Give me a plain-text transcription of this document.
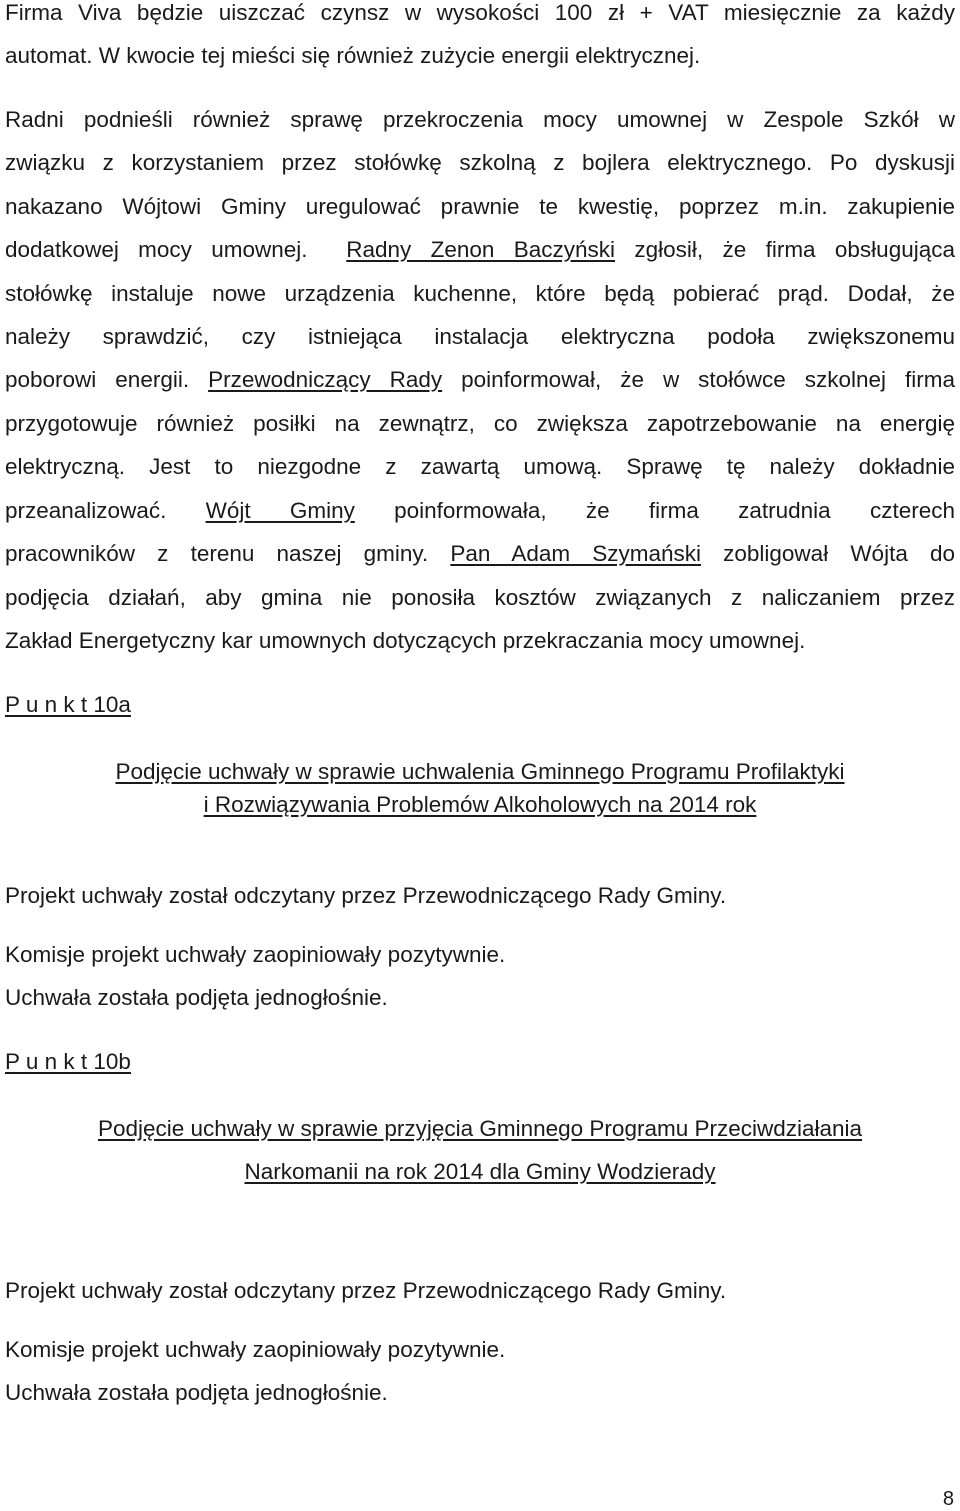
Firma Viva będzie uiszczać czynsz w wysokości 100 zł + VAT miesięcznie za każdy
automat. W kwocie tej mieści się również zużycie energii elektrycznej.
Radni podnieśli również sprawę przekroczenia mocy umownej w Zespole Szkół w
związku z korzystaniem przez stołówkę szkolną z bojlera elektrycznego. Po dyskusji
nakazano Wójtowi Gminy uregulować prawnie te kwestię, poprzez m.in. zakupienie
dodatkowej mocy umownej. Radny Zenon Baczyński zgłosił, że firma obsługująca
stołówkę instaluje nowe urządzenia kuchenne, które będą pobierać prąd. Dodał, że
należy sprawdzić, czy istniejąca instalacja elektryczna podoła zwiększonemu
poborowi energii. Przewodniczący Rady poinformował, że w stołówce szkolnej firma
przygotowuje również posiłki na zewnątrz, co zwiększa zapotrzebowanie na energię
elektryczną. Jest to niezgodne z zawartą umową. Sprawę tę należy dokładnie
przeanalizować. Wójt Gminy poinformowała, że firma zatrudnia czterech
pracowników z terenu naszej gminy. Pan Adam Szymański zobligował Wójta do
podjęcia działań, aby gmina nie ponosiła kosztów związanych z naliczaniem przez
Zakład Energetyczny kar umownych dotyczących przekraczania mocy umownej.
P u n k t 10a
Podjęcie uchwały w sprawie uchwalenia Gminnego Programu Profilaktyki
i Rozwiązywania Problemów Alkoholowych na 2014 rok
Projekt uchwały został odczytany przez Przewodniczącego Rady Gminy.
Komisje projekt uchwały zaopiniowały pozytywnie.
Uchwała została podjęta jednogłośnie.
P u n k t 10b
Podjęcie uchwały w sprawie przyjęcia Gminnego Programu Przeciwdziałania
Narkomanii na rok 2014 dla Gminy Wodzierady
Projekt uchwały został odczytany przez Przewodniczącego Rady Gminy.
Komisje projekt uchwały zaopiniowały pozytywnie.
Uchwała została podjęta jednogłośnie.
8
